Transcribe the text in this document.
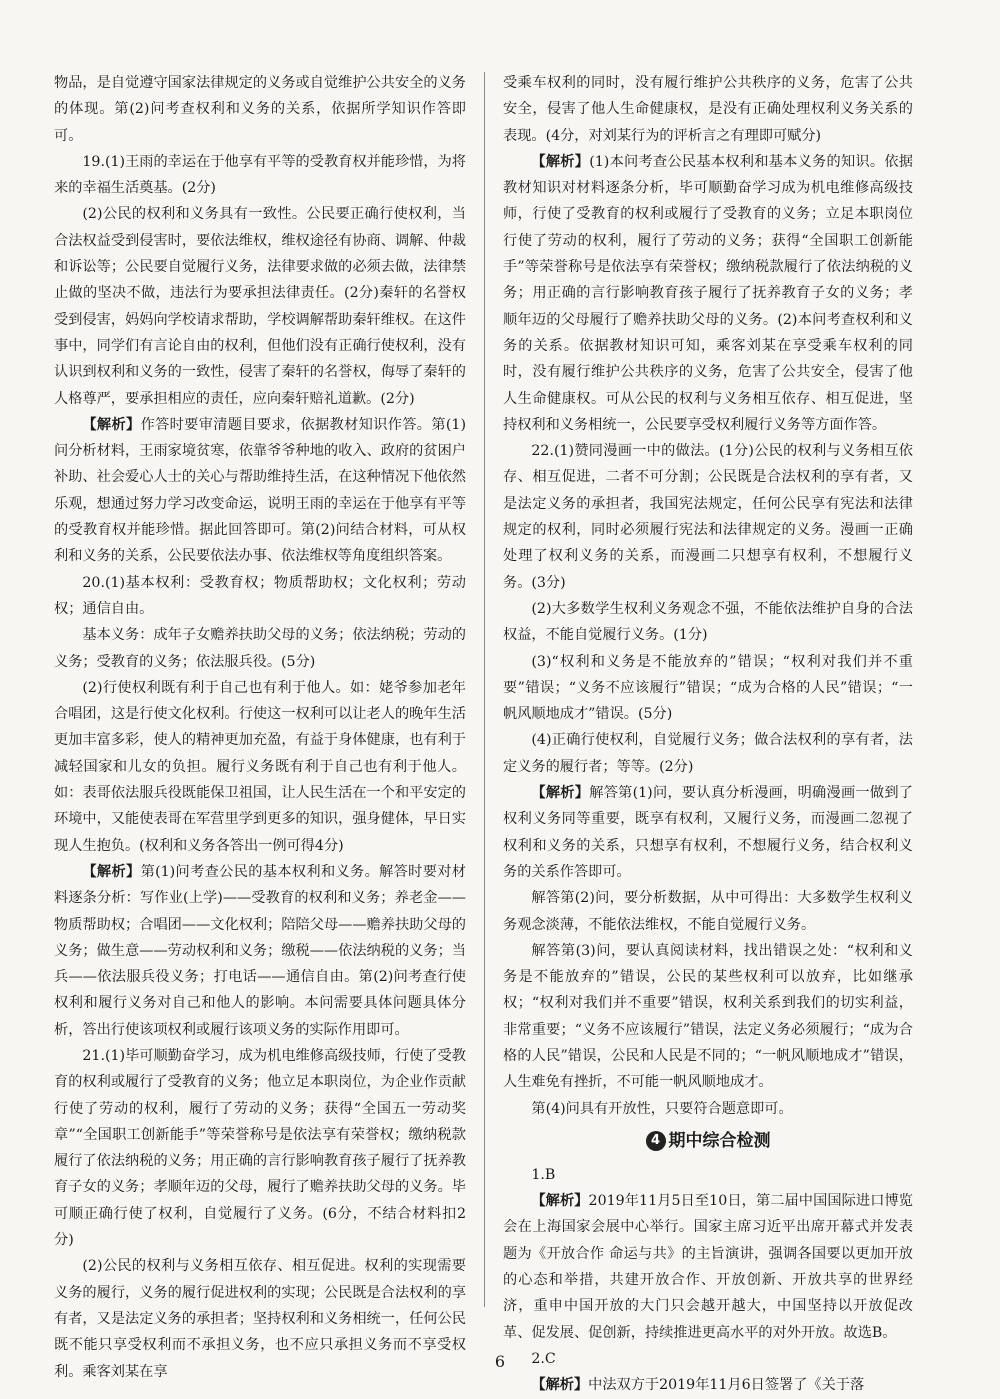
物品，是自觉遵守国家法律规定的义务或自觉维护公共安全的义务的体现。第(2)问考查权利和义务的关系，依据所学知识作答即可。

19.(1)王雨的幸运在于他享有平等的受教育权并能珍惜，为将来的幸福生活奠基。(2分)

(2)公民的权利和义务具有一致性。公民要正确行使权利，当合法权益受到侵害时，要依法维权，维权途径有协商、调解、仲裁和诉讼等；公民要自觉履行义务，法律要求做的必须去做，法律禁止做的坚决不做，违法行为要承担法律责任。(2分)秦轩的名誉权受到侵害，妈妈向学校请求帮助，学校调解帮助秦轩维权。在这件事中，同学们有言论自由的权利，但他们没有正确行使权利，没有认识到权利和义务的一致性，侵害了秦轩的名誉权，侮辱了秦轩的人格尊严，要承担相应的责任，应向秦轩赔礼道歉。(2分)

【解析】作答时要审清题目要求，依据教材知识作答。第(1)问分析材料，王雨家境贫寒，依靠爷爷种地的收入、政府的贫困户补助、社会爱心人士的关心与帮助维持生活，在这种情况下他依然乐观，想通过努力学习改变命运，说明王雨的幸运在于他享有平等的受教育权并能珍惜。据此回答即可。第(2)问结合材料，可从权利和义务的关系，公民要依法办事、依法维权等角度组织答案。

20.(1)基本权利：受教育权；物质帮助权；文化权利；劳动权；通信自由。

基本义务：成年子女赡养扶助父母的义务；依法纳税；劳动的义务；受教育的义务；依法服兵役。(5分)

(2)行使权利既有利于自己也有利于他人。如：姥爷参加老年合唱团，这是行使文化权利。行使这一权利可以让老人的晚年生活更加丰富多彩，使人的精神更加充盈，有益于身体健康，也有利于减轻国家和儿女的负担。履行义务既有利于自己也有利于他人。如：表哥依法服兵役既能保卫祖国，让人民生活在一个和平安定的环境中，又能使表哥在军营里学到更多的知识，强身健体，早日实现人生抱负。(权利和义务各答出一例可得4分)

【解析】第(1)问考查公民的基本权利和义务。解答时要对材料逐条分析：写作业(上学)——受教育的权利和义务；养老金——物质帮助权；合唱团——文化权利；陪陪父母——赡养扶助父母的义务；做生意——劳动权利和义务；缴税——依法纳税的义务；当兵——依法服兵役义务；打电话——通信自由。第(2)问考查行使权利和履行义务对自己和他人的影响。本问需要具体问题具体分析，答出行使该项权利或履行该项义务的实际作用即可。

21.(1)毕可顺勤奋学习，成为机电维修高级技师，行使了受教育的权利或履行了受教育的义务；他立足本职岗位，为企业作贡献行使了劳动的权利，履行了劳动的义务；获得“全国五一劳动奖章”“全国职工创新能手”等荣誉称号是依法享有荣誉权；缴纳税款履行了依法纳税的义务；用正确的言行影响教育孩子履行了抚养教育子女的义务；孝顺年迈的父母，履行了赡养扶助父母的义务。毕可顺正确行使了权利，自觉履行了义务。(6分，不结合材料扣2分)

(2)公民的权利与义务相互依存、相互促进。权利的实现需要义务的履行，义务的履行促进权利的实现；公民既是合法权利的享有者，又是法定义务的承担者；坚持权利和义务相统一，任何公民既不能只享受权利而不承担义务，也不应只承担义务而不享受权利。乘客刘某在享

受乘车权利的同时，没有履行维护公共秩序的义务，危害了公共安全，侵害了他人生命健康权，是没有正确处理权利义务关系的表现。(4分，对刘某行为的评析言之有理即可赋分)

【解析】(1)本问考查公民基本权利和基本义务的知识。依据教材知识对材料逐条分析，毕可顺勤奋学习成为机电维修高级技师，行使了受教育的权利或履行了受教育的义务；立足本职岗位行使了劳动的权利，履行了劳动的义务；获得“全国职工创新能手”等荣誉称号是依法享有荣誉权；缴纳税款履行了依法纳税的义务；用正确的言行影响教育孩子履行了抚养教育子女的义务；孝顺年迈的父母履行了赡养扶助父母的义务。(2)本问考查权利和义务的关系。依据教材知识可知，乘客刘某在享受乘车权利的同时，没有履行维护公共秩序的义务，危害了公共安全，侵害了他人生命健康权。可从公民的权利与义务相互依存、相互促进，坚持权利和义务相统一，公民要享受权利履行义务等方面作答。

22.(1)赞同漫画一中的做法。(1分)公民的权利与义务相互依存、相互促进，二者不可分割；公民既是合法权利的享有者，又是法定义务的承担者，我国宪法规定，任何公民享有宪法和法律规定的权利，同时必须履行宪法和法律规定的义务。漫画一正确处理了权利义务的关系，而漫画二只想享有权利，不想履行义务。(3分)

(2)大多数学生权利义务观念不强，不能依法维护自身的合法权益，不能自觉履行义务。(1分)

(3)“权利和义务是不能放弃的”错误；“权利对我们并不重要”错误；“义务不应该履行”错误；“成为合格的人民”错误；“一帆风顺地成才”错误。(5分)

(4)正确行使权利，自觉履行义务；做合法权利的享有者，法定义务的履行者；等等。(2分)

【解析】解答第(1)问，要认真分析漫画，明确漫画一做到了权利义务同等重要，既享有权利，又履行义务，而漫画二忽视了权利和义务的关系，只想享有权利，不想履行义务，结合权利义务的关系作答即可。

解答第(2)问，要分析数据，从中可得出：大多数学生权利义务观念淡薄，不能依法维权，不能自觉履行义务。

解答第(3)问，要认真阅读材料，找出错误之处：“权利和义务是不能放弃的”错误，公民的某些权利可以放弃，比如继承权；“权利对我们并不重要”错误，权利关系到我们的切实利益，非常重要；“义务不应该履行”错误，法定义务必须履行；“成为合格的人民”错误，公民和人民是不同的；“一帆风顺地成才”错误，人生难免有挫折，不可能一帆风顺地成才。

第(4)问具有开放性，只要符合题意即可。

4 期中综合检测

1.B

【解析】2019年11月5日至10日，第二届中国国际进口博览会在上海国家会展中心举行。国家主席习近平出席开幕式并发表题为《开放合作 命运与共》的主旨演讲，强调各国要以更加开放的心态和举措，共建开放合作、开放创新、开放共享的世界经济，重申中国开放的大门只会越开越大，中国坚持以开放促改革、促发展、促创新，持续推进更高水平的对外开放。故选B。

2.C

【解析】中法双方于2019年11月6日签署了《关于落

6
